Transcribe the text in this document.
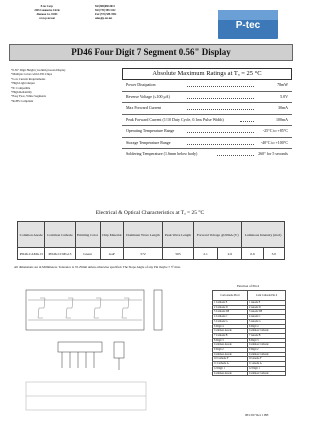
P-tec Corp.
2465 Commerce Circle
Alamosa Co. 81101
www.p-tec.net
Tel:(800)680-0613
Tel:(719) 589-3122
Fax:(719) 589-3592
sales@p-tec.net
P-tec
PD46 Four Digit 7 Segment 0.56" Display
*0.56" Digit Height (14.2mm) Green Display
*Multiple Colors with LED Chips
*Low Current Requirements
*High Light Output
*IC Compatible
*High Reliability
*Easy Face, White Segments
*RoHS Compliant
Absolute Maximum Ratings at Tₐ = 25 °C
Power Dissipation	78mW
Reverse Voltage (≤100 μA)	5.0V
Max Forward Current	30mA
Peak Forward Current (1/10 Duty Cycle, 0.1ms Pulse Width)	100mA
Operating Temperature Range	-25°C to +85°C
Storage Temperature Range	-40°C to +100°C
Soldering Temperature (1.6mm below body)	260° for 5 seconds
Electrical & Optical Characteristics at Tₐ = 25 °C
Common Anode	Common Cathode	Emitting Color	Chip Material	Dominant Wave Length	Peak Wave Length	Forward Voltage @20mA (V)		Luminous Intensity (mcd)	
PD46-CAMG13	PD46-CCMG13	Green	GaP	572	565	2.1	2.6	0.6	3.0
All dimensions are in Millimeters. Tolerance is ±0.25mm unless otherwise specified. The Slope Angle of any Pin maybe ± 5° max.
Function of Pin #
Com Anode Pin #	Com Cathode Pin #
1 Cathode E	1 Anode E
2 Cathode D	2 Anode D
3 Cathode DP	3 Anode DP
4 Cathode C	4 Anode C
5 Cathode G	5 Anode G
6 Digit 4	6 Digit 4
Common Anode	Common Cathode
7 Cathode B	7 Anode B
8 Digit 3	8 Digit 3
Common Anode	Common Cathode
9 Digit 2	9 Digit 2
Common Anode	Common Cathode
10 Cathode F	10 Anode F
11 Cathode A	11 Anode A
12 Digit 1	12 Digit 1
Common Anode	Common Cathode
08/13/07 Rev 1 BH
